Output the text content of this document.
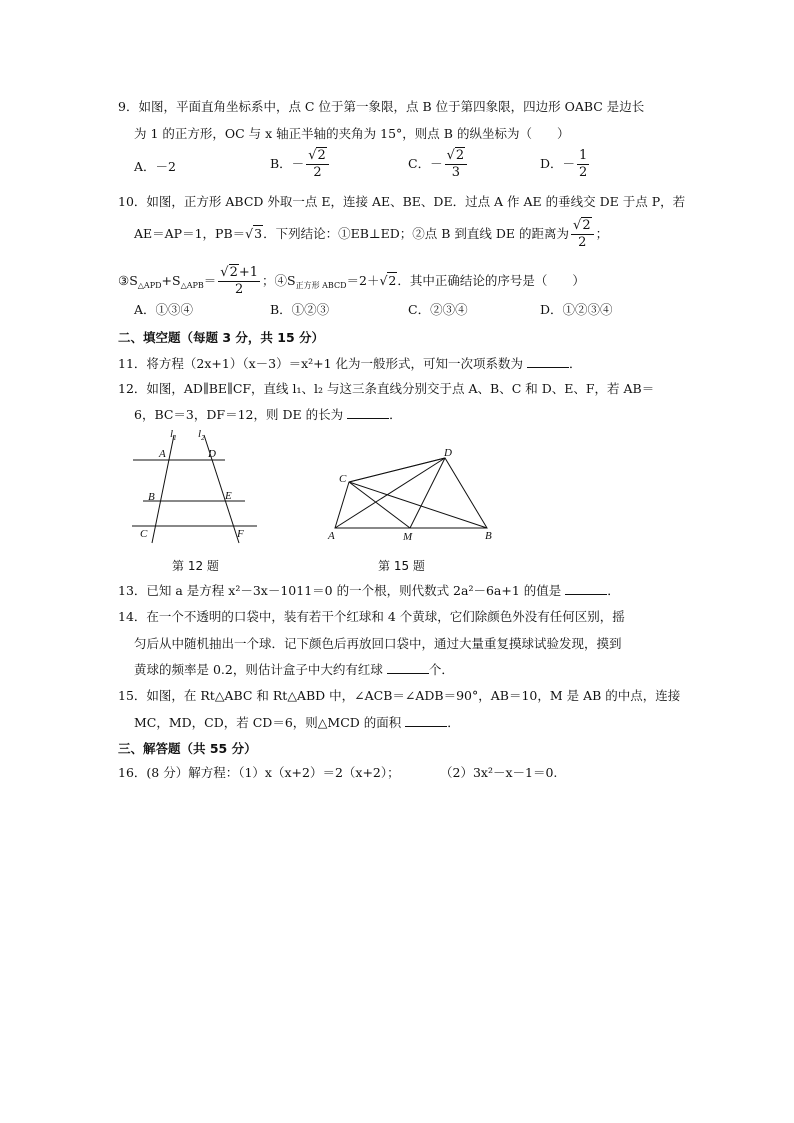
9．如图，平面直角坐标系中，点 C 位于第一象限，点 B 位于第四象限，四边形 OABC 是边长
为 1 的正方形，OC 与 x 轴正半轴的夹角为 15°，则点 B 的纵坐标为（　　）
A．－2	B．－ $\frac{√2}{2}$	C．－ $\frac{√2}{3}$	D．－ $\frac{1}{2}$
10．如图，正方形 ABCD 外取一点 E，连接 AE、BE、DE．过点 A 作 AE 的垂线交 DE 于点 P，若
AE＝AP＝1，PB＝√3．下列结论：①EB⊥ED；②点 B 到直线 DE 的距离为 $\frac{√2}{2}$ ；
$③S_{\triangle APD}+S_{\triangle APB}= \frac{√2+1}{2}$ ；$④S_{正方形 ABCD}=2+√2$．其中正确结论的序号是（　　）
A．①③④	B．①②③	C．②③④	D．①②③④
二、填空题（每题 3 分，共 15 分）
11．将方程（2x+1）（x－3）＝x²+1 化为一般形式，可知一次项系数为	．
12．如图，AD∥BE∥CF，直线 l₁、l₂ 与这三条直线分别交于点 A、B、C 和 D、E、F，若 AB＝
6，BC＝3，DF＝12，则 DE 的长为	．
$l_1$ $l_2$
A	D
B	E
C	F
第 12 题
C
D
A	M	B
第 15 题
13．已知 a 是方程 x²－3x－1011＝0 的一个根，则代数式 2a²－6a+1 的值是	．
14．在一个不透明的口袋中，装有若干个红球和 4 个黄球，它们除颜色外没有任何区别，摇
匀后从中随机抽出一个球．记下颜色后再放回口袋中，通过大量重复摸球试验发现，摸到
黄球的频率是 0.2，则估计盒子中大约有红球	个．
15．如图，在 Rt△ABC 和 Rt△ABD 中，∠ACB＝∠ADB＝90°，AB＝10，M 是 AB 的中点，连接
MC，MD，CD，若 CD＝6，则△MCD 的面积	．
三、解答题（共 55 分）
16．(8 分）解方程：（1）x（x+2）＝2（x+2）；	（2）3x²－x－1＝0.
